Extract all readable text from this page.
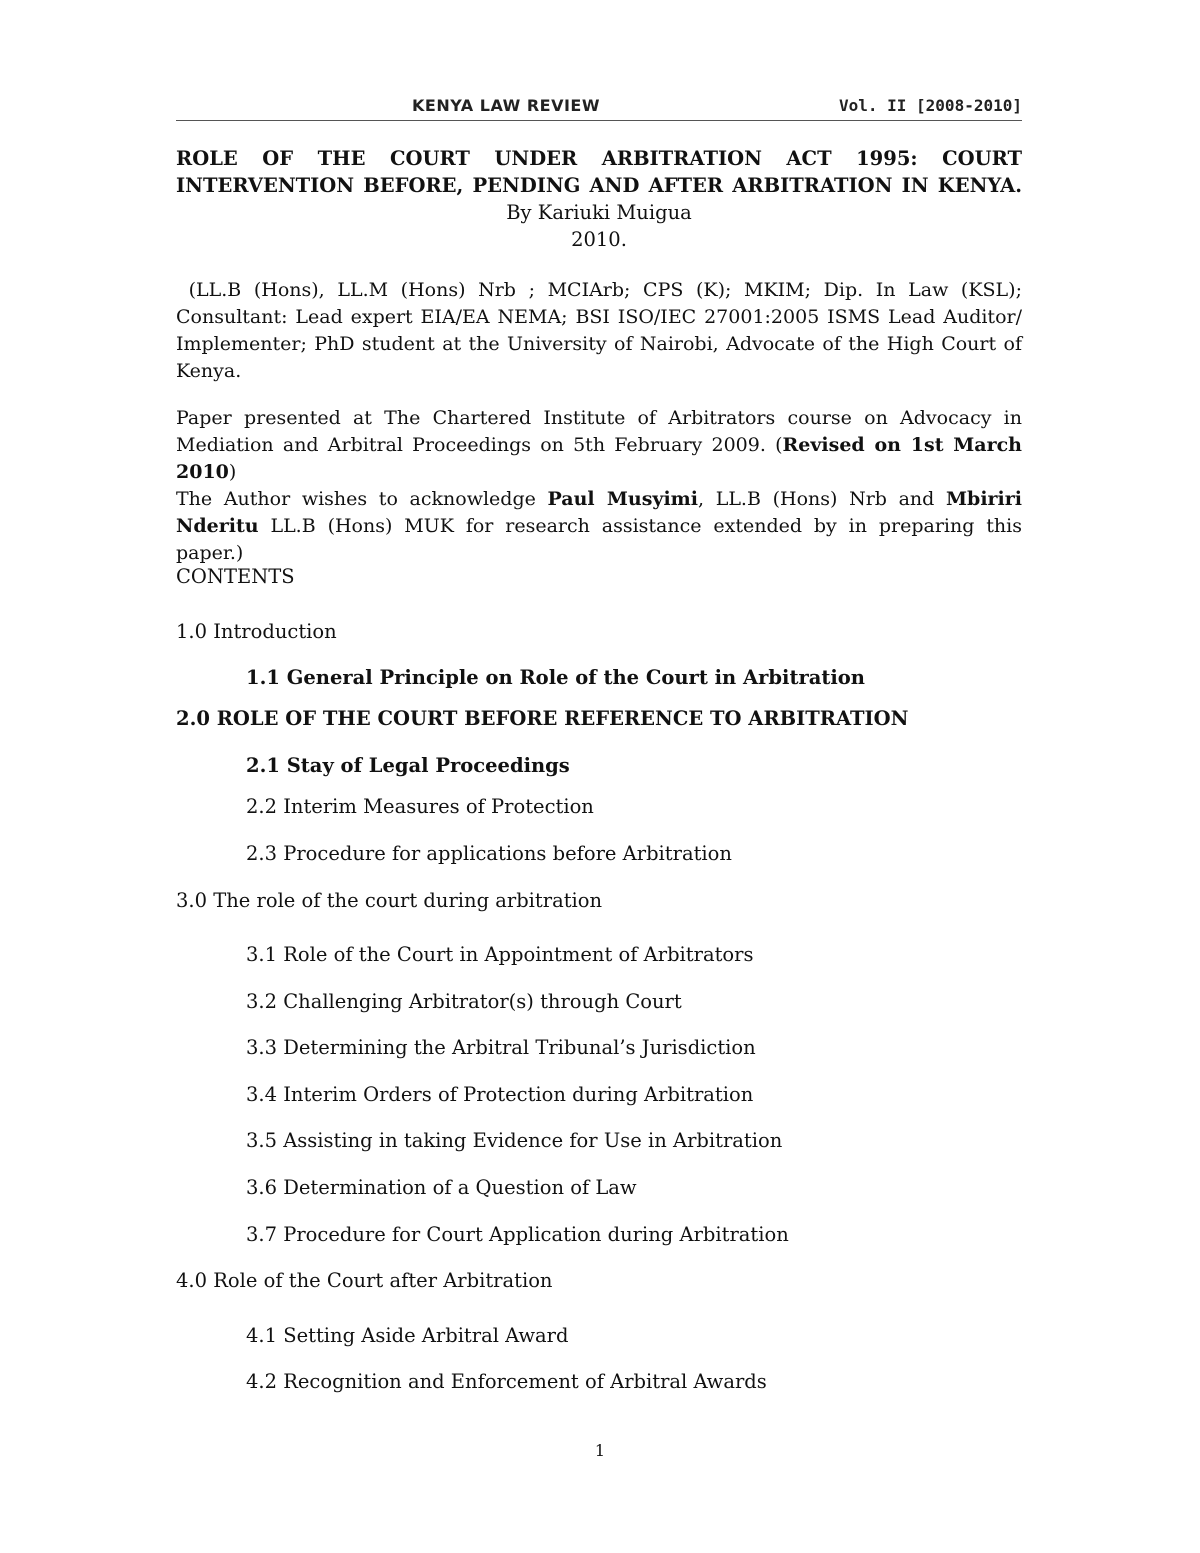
KENYA LAW REVIEW	Vol. II [2008-2010]
ROLE OF THE COURT UNDER ARBITRATION ACT 1995: COURT
INTERVENTION BEFORE, PENDING AND AFTER ARBITRATION IN KENYA.
By Kariuki Muigua
2010.
(LL.B (Hons), LL.M (Hons) Nrb ; MCIArb; CPS (K); MKIM; Dip. In Law (KSL);
Consultant: Lead expert EIA/EA NEMA; BSI ISO/IEC 27001:2005 ISMS Lead Auditor/
Implementer; PhD student at the University of Nairobi, Advocate of the High Court of
Kenya.
Paper presented at The Chartered Institute of Arbitrators course on Advocacy in
Mediation and Arbitral Proceedings on 5th February 2009. (Revised on 1st March 2010)
The Author wishes to acknowledge Paul Musyimi, LL.B (Hons) Nrb and Mbiriri
Nderitu LL.B (Hons) MUK for research assistance extended by in preparing this paper.)
CONTENTS
1.0 Introduction
1.1 General Principle on Role of the Court in Arbitration
2.0 ROLE OF THE COURT BEFORE REFERENCE TO ARBITRATION
2.1 Stay of Legal Proceedings
2.2 Interim Measures of Protection
2.3 Procedure for applications before Arbitration
3.0 The role of the court during arbitration
3.1 Role of the Court in Appointment of Arbitrators
3.2 Challenging Arbitrator(s) through Court
3.3 Determining the Arbitral Tribunal’s Jurisdiction
3.4 Interim Orders of Protection during Arbitration
3.5 Assisting in taking Evidence for Use in Arbitration
3.6 Determination of a Question of Law
3.7 Procedure for Court Application during Arbitration
4.0 Role of the Court after Arbitration
4.1 Setting Aside Arbitral Award
4.2 Recognition and Enforcement of Arbitral Awards
1
